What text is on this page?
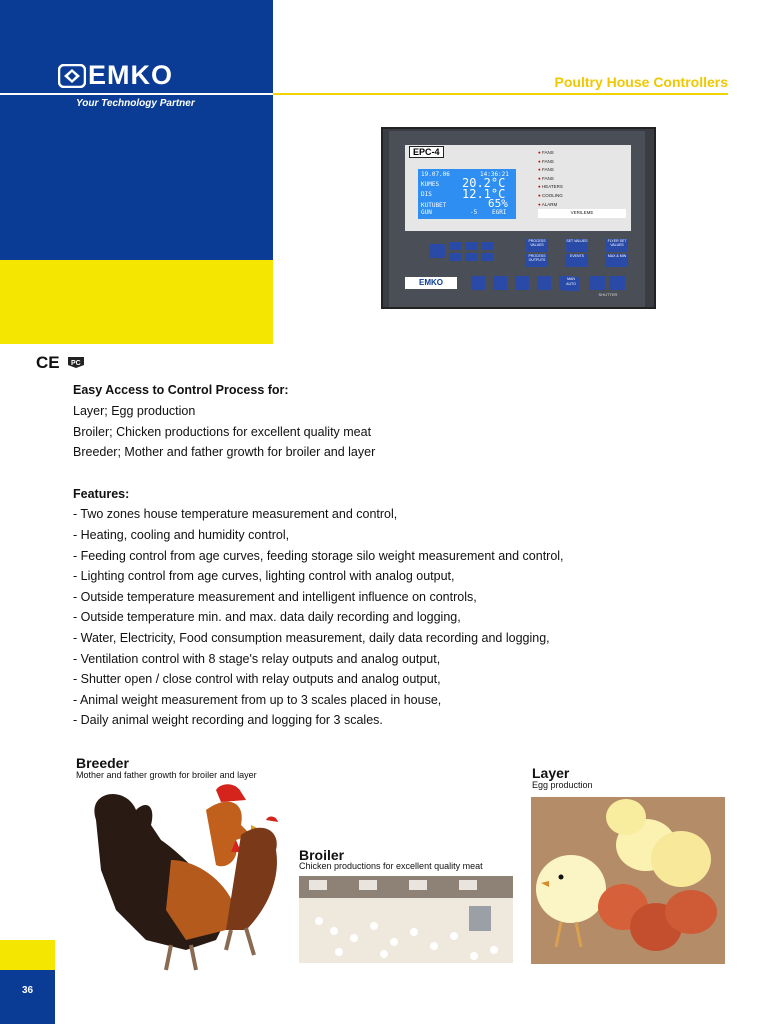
EMKO
Your Technology Partner
Poultry House Controllers
EPC-4
19.07.06	14:36:21
KUMES 20.2°C
DIS	12.1°C
KUTUBET	65%
GUN	-5 EGRI
● FANS
● FANS
● FANS
● FANS
● HEATERS
● COOLING
● ALARM
VERILEME
PROCESS VALUES
SET VALUES	FLYER SET VALUES
PROCESS OUTPUTS
EVENTS	MAX & MIN
EMKO	MAN AUTO
SHUTTER
CE PC
Easy Access to Control Process for:
Layer; Egg production
Broiler; Chicken productions for excellent quality meat
Breeder; Mother and father growth for broiler and layer
Features:
- Two zones house temperature measurement and control,
- Heating, cooling and humidity control,
- Feeding control from age curves, feeding storage silo weight measurement and control,
- Lighting control from age curves, lighting control with analog output,
- Outside temperature measurement and intelligent influence on controls,
- Outside temperature min. and max. data daily recording and logging,
- Water, Electricity, Food consumption measurement, daily data recording and logging,
- Ventilation control with 8 stage's relay outputs and analog output,
- Shutter open / close control with relay outputs and analog output,
- Animal weight measurement from up to 3 scales placed in house,
- Daily animal weight recording and logging for 3 scales.
Breeder
Mother and father growth for broiler and layer
Broiler
Chicken productions for excellent quality meat
Layer
Egg production
36
